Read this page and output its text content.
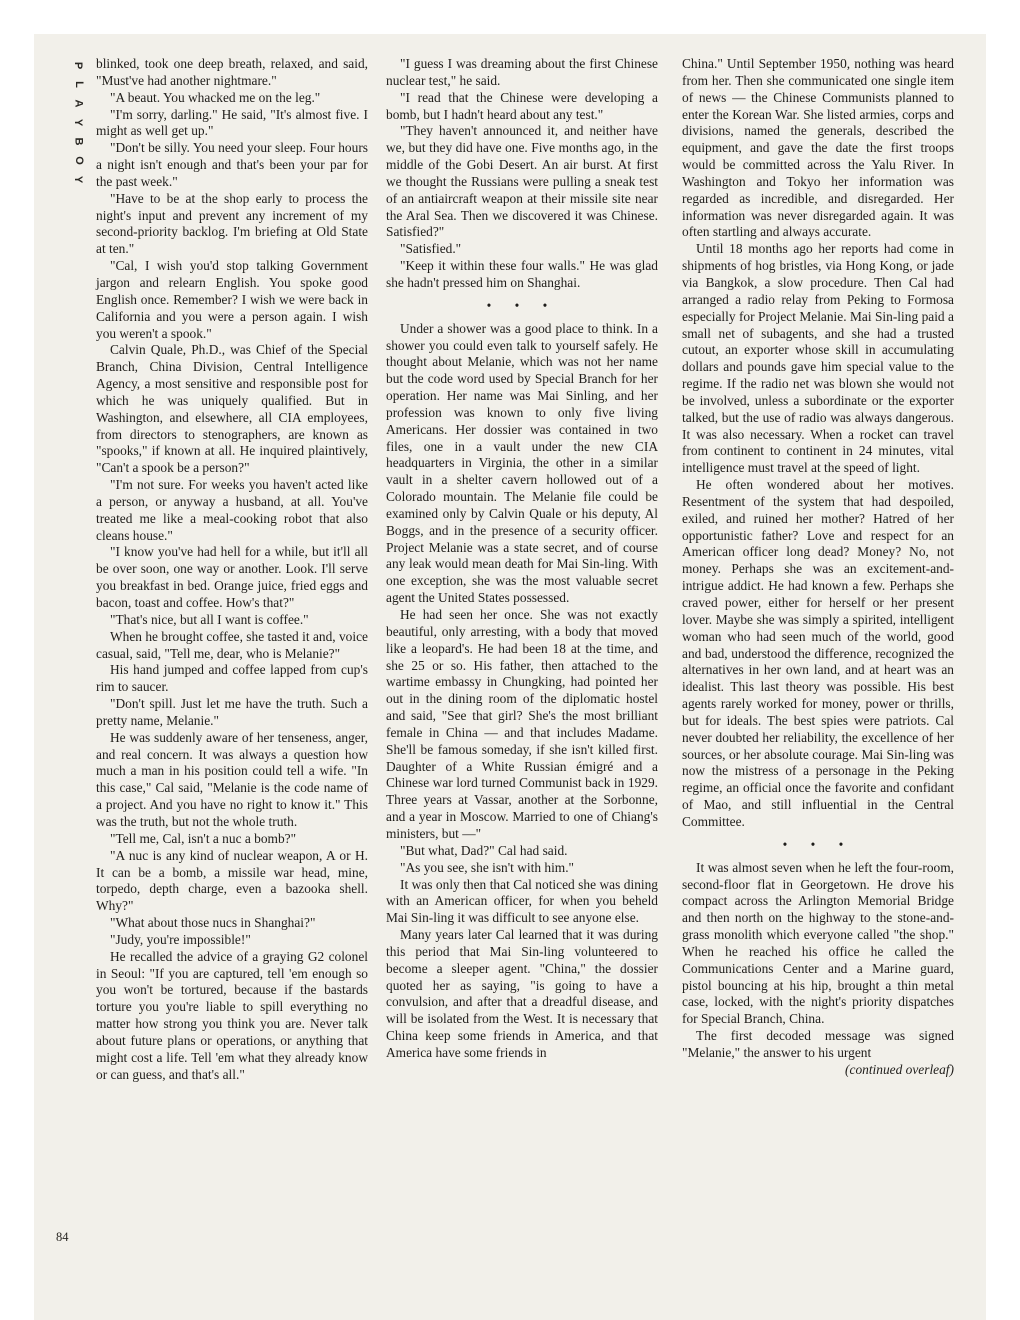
P
L
A
Y
B
O
Y

blinked, took one deep breath, relaxed, and said, "Must've had another nightmare."

"A beaut. You whacked me on the leg."

"I'm sorry, darling." He said, "It's almost five. I might as well get up."

"Don't be silly. You need your sleep. Four hours a night isn't enough and that's been your par for the past week."

"Have to be at the shop early to process the night's input and prevent any increment of my second-priority backlog. I'm briefing at Old State at ten."

"Cal, I wish you'd stop talking Government jargon and relearn English. You spoke good English once. Remember? I wish we were back in California and you were a person again. I wish you weren't a spook."

Calvin Quale, Ph.D., was Chief of the Special Branch, China Division, Central Intelligence Agency, a most sensitive and responsible post for which he was uniquely qualified. But in Washington, and elsewhere, all CIA employees, from directors to stenographers, are known as "spooks," if known at all. He inquired plaintively, "Can't a spook be a person?"

"I'm not sure. For weeks you haven't acted like a person, or anyway a husband, at all. You've treated me like a meal-cooking robot that also cleans house."

"I know you've had hell for a while, but it'll all be over soon, one way or another. Look. I'll serve you breakfast in bed. Orange juice, fried eggs and bacon, toast and coffee. How's that?"

"That's nice, but all I want is coffee."

When he brought coffee, she tasted it and, voice casual, said, "Tell me, dear, who is Melanie?"

His hand jumped and coffee lapped from cup's rim to saucer.

"Don't spill. Just let me have the truth. Such a pretty name, Melanie."

He was suddenly aware of her tenseness, anger, and real concern. It was always a question how much a man in his position could tell a wife. "In this case," Cal said, "Melanie is the code name of a project. And you have no right to know it." This was the truth, but not the whole truth.

"Tell me, Cal, isn't a nuc a bomb?"

"A nuc is any kind of nuclear weapon, A or H. It can be a bomb, a missile war head, mine, torpedo, depth charge, even a bazooka shell. Why?"

"What about those nucs in Shanghai?"

"Judy, you're impossible!"

He recalled the advice of a graying G2 colonel in Seoul: "If you are captured, tell 'em enough so you won't be tortured, because if the bastards torture you you're liable to spill everything no matter how strong you think you are. Never talk about future plans or operations, or anything that might cost a life. Tell 'em what they already know or can guess, and that's all."

"I guess I was dreaming about the first Chinese nuclear test," he said.

"I read that the Chinese were developing a bomb, but I hadn't heard about any test."

"They haven't announced it, and neither have we, but they did have one. Five months ago, in the middle of the Gobi Desert. An air burst. At first we thought the Russians were pulling a sneak test of an antiaircraft weapon at their missile site near the Aral Sea. Then we discovered it was Chinese. Satisfied?"

"Satisfied."

"Keep it within these four walls." He was glad she hadn't pressed him on Shanghai.

• • •

Under a shower was a good place to think. In a shower you could even talk to yourself safely. He thought about Melanie, which was not her name but the code word used by Special Branch for her operation. Her name was Mai Sinling, and her profession was known to only five living Americans. Her dossier was contained in two files, one in a vault under the new CIA headquarters in Virginia, the other in a similar vault in a shelter cavern hollowed out of a Colorado mountain. The Melanie file could be examined only by Calvin Quale or his deputy, Al Boggs, and in the presence of a security officer. Project Melanie was a state secret, and of course any leak would mean death for Mai Sin-ling. With one exception, she was the most valuable secret agent the United States possessed.

He had seen her once. She was not exactly beautiful, only arresting, with a body that moved like a leopard's. He had been 18 at the time, and she 25 or so. His father, then attached to the wartime embassy in Chungking, had pointed her out in the dining room of the diplomatic hostel and said, "See that girl? She's the most brilliant female in China — and that includes Madame. She'll be famous someday, if she isn't killed first. Daughter of a White Russian émigré and a Chinese war lord turned Communist back in 1929. Three years at Vassar, another at the Sorbonne, and a year in Moscow. Married to one of Chiang's ministers, but —"

"But what, Dad?" Cal had said.

"As you see, she isn't with him."

It was only then that Cal noticed she was dining with an American officer, for when you beheld Mai Sin-ling it was difficult to see anyone else.

Many years later Cal learned that it was during this period that Mai Sin-ling volunteered to become a sleeper agent. "China," the dossier quoted her as saying, "is going to have a convulsion, and after that a dreadful disease, and will be isolated from the West. It is necessary that China keep some friends in America, and that America have some friends in

China." Until September 1950, nothing was heard from her. Then she communicated one single item of news — the Chinese Communists planned to enter the Korean War. She listed armies, corps and divisions, named the generals, described the equipment, and gave the date the first troops would be committed across the Yalu River. In Washington and Tokyo her information was regarded as incredible, and disregarded. Her information was never disregarded again. It was often startling and always accurate.

Until 18 months ago her reports had come in shipments of hog bristles, via Hong Kong, or jade via Bangkok, a slow procedure. Then Cal had arranged a radio relay from Peking to Formosa especially for Project Melanie. Mai Sin-ling paid a small net of subagents, and she had a trusted cutout, an exporter whose skill in accumulating dollars and pounds gave him special value to the regime. If the radio net was blown she would not be involved, unless a subordinate or the exporter talked, but the use of radio was always dangerous. It was also necessary. When a rocket can travel from continent to continent in 24 minutes, vital intelligence must travel at the speed of light.

He often wondered about her motives. Resentment of the system that had despoiled, exiled, and ruined her mother? Hatred of her opportunistic father? Love and respect for an American officer long dead? Money? No, not money. Perhaps she was an excitement-and-intrigue addict. He had known a few. Perhaps she craved power, either for herself or her present lover. Maybe she was simply a spirited, intelligent woman who had seen much of the world, good and bad, understood the difference, recognized the alternatives in her own land, and at heart was an idealist. This last theory was possible. His best agents rarely worked for money, power or thrills, but for ideals. The best spies were patriots. Cal never doubted her reliability, the excellence of her sources, or her absolute courage. Mai Sin-ling was now the mistress of a personage in the Peking regime, an official once the favorite and confidant of Mao, and still influential in the Central Committee.

• • •

It was almost seven when he left the four-room, second-floor flat in Georgetown. He drove his compact across the Arlington Memorial Bridge and then north on the highway to the stone-and-grass monolith which everyone called "the shop." When he reached his office he called the Communications Center and a Marine guard, pistol bouncing at his hip, brought a thin metal case, locked, with the night's priority dispatches for Special Branch, China.

The first decoded message was signed "Melanie," the answer to his urgent

(continued overleaf)

84
